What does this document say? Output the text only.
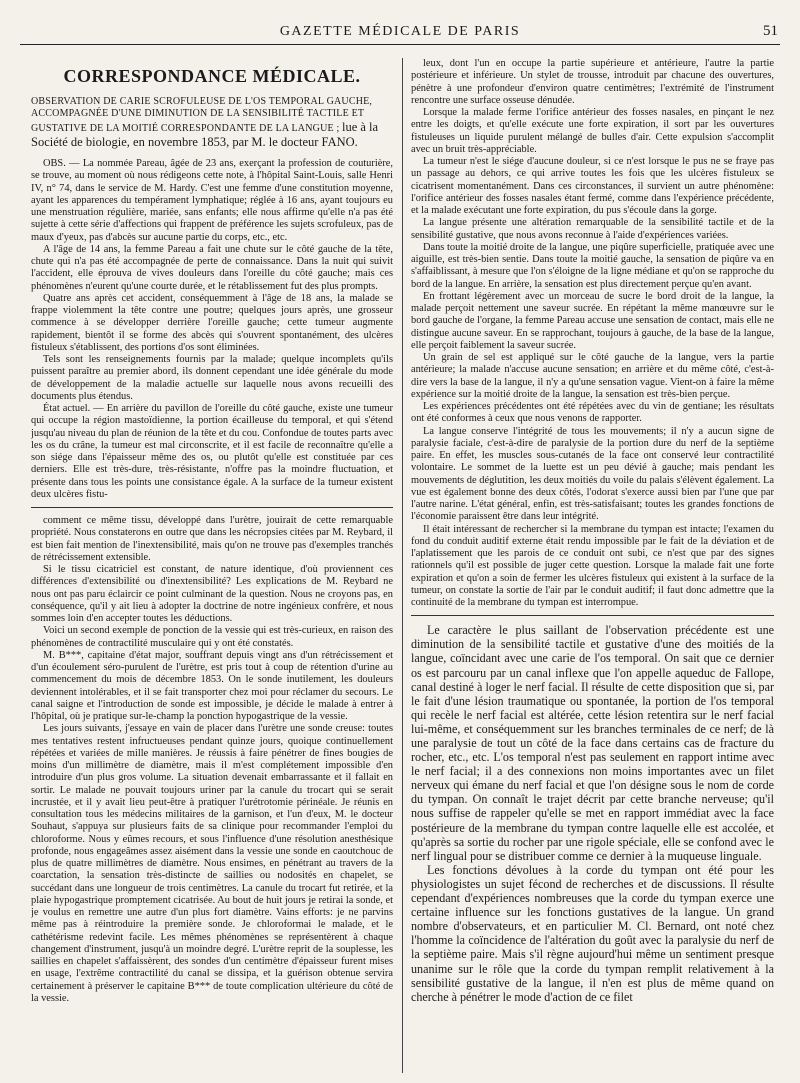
GAZETTE MÉDICALE DE PARIS	51
CORRESPONDANCE MÉDICALE.
OBSERVATION DE CARIE SCROFULEUSE DE L'OS TEMPORAL GAUCHE, ACCOMPAGNÉE D'UNE DIMINUTION DE LA SENSIBILITÉ TACTILE ET GUSTATIVE DE LA MOITIÉ CORRESPONDANTE DE LA LANGUE ; lue à la Société de biologie, en novembre 1853, par M. le docteur FANO.

OBS. — La nommée Pareau, âgée de 23 ans, exerçant la profession de couturière, se trouve, au moment où nous rédigeons cette note, à l'hôpital Saint-Louis, salle Henri IV, n° 74, dans le service de M. Hardy. C'est une femme d'une constitution moyenne, ayant les apparences du tempérament lymphatique; réglée à 16 ans, ayant toujours eu une menstruation régulière, mariée, sans enfants; elle nous affirme qu'elle n'a pas été sujette à cette série d'affections qui frappent de préférence les sujets scrofuleux, pas de maux d'yeux, pas d'abcès sur aucune partie du corps, etc., etc.

A l'âge de 14 ans, la femme Pareau a fait une chute sur le côté gauche de la tête, chute qui n'a pas été accompagnée de perte de connaissance. Dans la nuit qui suivit l'accident, elle éprouva de vives douleurs dans l'oreille du côté gauche; mais ces phénomènes n'eurent qu'une courte durée, et le rétablissement fut des plus prompts.

Quatre ans après cet accident, conséquemment à l'âge de 18 ans, la malade se frappe violemment la tête contre une poutre; quelques jours après, une grosseur commence à se développer derrière l'oreille gauche; cette tumeur augmente rapidement, bientôt il se forme des abcès qui s'ouvrent spontanément, des ulcères fistuleux s'établissent, des portions d'os sont éliminées.

Tels sont les renseignements fournis par la malade; quelque incomplets qu'ils puissent paraître au premier abord, ils donnent cependant une idée générale du mode de développement de la maladie actuelle sur laquelle nous avons recueilli des documents plus étendus.

État actuel. — En arrière du pavillon de l'oreille du côté gauche, existe une tumeur qui occupe la région mastoïdienne, la portion écailleuse du temporal, et qui s'étend jusqu'au niveau du plan de réunion de la tête et du cou. Confondue de toutes parts avec les os du crâne, la tumeur est mal circonscrite, et il est facile de reconnaître qu'elle a son siége dans l'épaisseur même des os, ou plutôt qu'elle est constituée par ces derniers. Elle est très-dure, très-résistante, n'offre pas la moindre fluctuation, et présente dans tous les points une consistance égale. A la surface de la tumeur existent deux ulcères fistu-

comment ce même tissu, développé dans l'urètre, jouirait de cette remarquable propriété. Nous constaterons en outre que dans les nécropsies citées par M. Reybard, il est bien fait mention de l'inextensibilité, mais qu'on ne trouve pas d'exemples tranchés de rétrécissement extensible.

Si le tissu cicatriciel est constant, de nature identique, d'où proviennent ces différences d'extensibilité ou d'inextensibilité? Les explications de M. Reybard ne nous ont pas paru éclaircir ce point culminant de la question. Nous ne croyons pas, en conséquence, qu'il y ait lieu à adopter la doctrine de notre ingénieux confrère, et nous sommes loin d'en accepter toutes les déductions.

Voici un second exemple de ponction de la vessie qui est très-curieux, en raison des phénomènes de contractilité musculaire qui y ont été constatés.

M. B***, capitaine d'état major, souffrant depuis vingt ans d'un rétrécissement et d'un écoulement séro-purulent de l'urètre, est pris tout à coup de rétention d'urine au commencement du mois de décembre 1853. On le sonde inutilement, les douleurs deviennent intolérables, et il se fait transporter chez moi pour réclamer du secours. Le canal saigne et l'introduction de sonde est impossible, je décide le malade à entrer à l'hôpital, où je pratique sur-le-champ la ponction hypogastrique de la vessie.

Les jours suivants, j'essaye en vain de placer dans l'urètre une sonde creuse: toutes mes tentatives restent infructueuses pendant quinze jours, quoique continuellement répétées et variées de mille manières. Je réussis à faire pénétrer de fines bougies de moins d'un millimètre de diamètre, mais il m'est complétement impossible d'en introduire d'un plus gros volume. La situation devenait embarrassante et il fallait en sortir. Le malade ne pouvait toujours uriner par la canule du trocart qui se serait incrustée, et il y avait lieu peut-être à pratiquer l'urétrotomie périnéale. Je réunis en consultation tous les médecins militaires de la garnison, et l'un d'eux, M. le docteur Souhaut, s'appuya sur plusieurs faits de sa clinique pour recommander l'emploi du chloroforme. Nous y eûmes recours, et sous l'influence d'une résolution anesthésique profonde, nous engageâmes assez aisément dans la vessie une sonde en caoutchouc de plus de quatre millimètres de diamètre. Nous ensimes, en pénétrant au travers de la coarctation, la sensation très-distincte de saillies ou nodosités en chapelet, se succédant dans une longueur de trois centimètres. La canule du trocart fut retirée, et la plaie hypogastrique promptement cicatrisée. Au bout de huit jours je retirai la sonde, et je voulus en remettre une autre d'un plus fort diamètre. Vains efforts: je ne parvins même pas à réintroduire la première sonde. Je chloroformai le malade, et le cathétérisme redevint facile. Les mêmes phénomènes se représentèrent à chaque changement d'instrument, jusqu'à un moindre degré. L'urètre reprit de la souplesse, les saillies en chapelet s'affaissèrent, des sondes d'un centimètre d'épaisseur furent mises en usage, l'extrême contractilité du canal se dissipa, et la guérison obtenue servira certainement à préserver le capitaine B*** de toute complication ultérieure du côté de la vessie.

leux, dont l'un en occupe la partie supérieure et antérieure, l'autre la partie postérieure et inférieure. Un stylet de trousse, introduit par chacune des ouvertures, pénètre à une profondeur d'environ quatre centimètres; l'extrémité de l'instrument rencontre une surface osseuse dénudée.

Lorsque la malade ferme l'orifice antérieur des fosses nasales, en pinçant le nez entre les doigts, et qu'elle exécute une forte expiration, il sort par les ouvertures fistuleuses un liquide purulent mélangé de bulles d'air. Cette expulsion s'accomplit avec un bruit très-appréciable.

La tumeur n'est le siége d'aucune douleur, si ce n'est lorsque le pus ne se fraye pas un passage au dehors, ce qui arrive toutes les fois que les ulcères fistuleux se cicatrisent momentanément. Dans ces circonstances, il survient un autre phénomène: l'orifice antérieur des fosses nasales étant fermé, comme dans l'expérience précédente, et la malade exécutant une forte expiration, du pus s'écoule dans la gorge.

La langue présente une altération remarquable de la sensibilité tactile et de la sensibilité gustative, que nous avons reconnue à l'aide d'expériences variées.

Dans toute la moitié droite de la langue, une piqûre superficielle, pratiquée avec une aiguille, est très-bien sentie. Dans toute la moitié gauche, la sensation de piqûre va en s'affaiblissant, à mesure que l'on s'éloigne de la ligne médiane et qu'on se rapproche du bord de la langue. En arrière, la sensation est plus directement perçue qu'en avant.

En frottant légèrement avec un morceau de sucre le bord droit de la langue, la malade perçoit nettement une saveur sucrée. En répétant la même manœuvre sur le bord gauche de l'organe, la femme Pareau accuse une sensation de contact, mais elle ne distingue aucune saveur. En se rapprochant, toujours à gauche, de la base de la langue, elle perçoit faiblement la saveur sucrée.

Un grain de sel est appliqué sur le côté gauche de la langue, vers la partie antérieure; la malade n'accuse aucune sensation; en arrière et du même côté, c'est-à-dire vers la base de la langue, il n'y a qu'une sensation vague. Vient-on à faire la même expérience sur la moitié droite de la langue, la sensation est très-bien perçue.

Les expériences précédentes ont été répétées avec du vin de gentiane; les résultats ont été conformes à ceux que nous venons de rapporter.

La langue conserve l'intégrité de tous les mouvements; il n'y a aucun signe de paralysie faciale, c'est-à-dire de paralysie de la portion dure du nerf de la septième paire. En effet, les muscles sous-cutanés de la face ont conservé leur contractilité volontaire. Le sommet de la luette est un peu dévié à gauche; mais pendant les mouvements de déglutition, les deux moitiés du voile du palais s'élèvent également. La vue est également bonne des deux côtés, l'odorat s'exerce aussi bien par l'une que par l'autre narine. L'état général, enfin, est très-satisfaisant; toutes les grandes fonctions de l'économie paraissent être dans leur intégrité.

Il était intéressant de rechercher si la membrane du tympan est intacte; l'examen du fond du conduit auditif externe était rendu impossible par le fait de la déviation et de l'aplatissement que les parois de ce conduit ont subi, ce n'est que par des signes rationnels qu'il est possible de juger cette question. Lorsque la malade fait une forte expiration et qu'on a soin de fermer les ulcères fistuleux qui existent à la surface de la tumeur, on constate la sortie de l'air par le conduit auditif; il faut donc admettre que la continuité de la membrane du tympan est interrompue.

Le caractère le plus saillant de l'observation précédente est une diminution de la sensibilité tactile et gustative d'une des moitiés de la langue, coïncidant avec une carie de l'os temporal. On sait que ce dernier os est parcouru par un canal inflexe que l'on appelle aqueduc de Fallope, canal destiné à loger le nerf facial. Il résulte de cette disposition que si, par le fait d'une lésion traumatique ou spontanée, la portion de l'os temporal qui recèle le nerf facial est altérée, cette lésion retentira sur le nerf facial lui-même, et conséquemment sur les branches terminales de ce nerf; de là une paralysie de tout un côté de la face dans certains cas de fracture du rocher, etc., etc. L'os temporal n'est pas seulement en rapport intime avec le nerf facial; il a des connexions non moins importantes avec un filet nerveux qui émane du nerf facial et que l'on désigne sous le nom de corde du tympan. On connaît le trajet décrit par cette branche nerveuse; qu'il nous suffise de rappeler qu'elle se met en rapport immédiat avec la face postérieure de la membrane du tympan contre laquelle elle est accolée, et qu'après sa sortie du rocher par une rigole spéciale, elle se confond avec le nerf lingual pour se distribuer comme ce dernier à la muqueuse linguale.

Les fonctions dévolues à la corde du tympan ont été pour les physiologistes un sujet fécond de recherches et de discussions. Il résulte cependant d'expériences nombreuses que la corde du tympan exerce une certaine influence sur les fonctions gustatives de la langue. Un grand nombre d'observateurs, et en particulier M. Cl. Bernard, ont noté chez l'homme la coïncidence de l'altération du goût avec la paralysie du nerf de la septième paire. Mais s'il règne aujourd'hui même un sentiment presque unanime sur le rôle que la corde du tympan remplit relativement à la sensibilité gustative de la langue, il n'en est plus de même quand on cherche à pénétrer le mode d'action de ce filet
